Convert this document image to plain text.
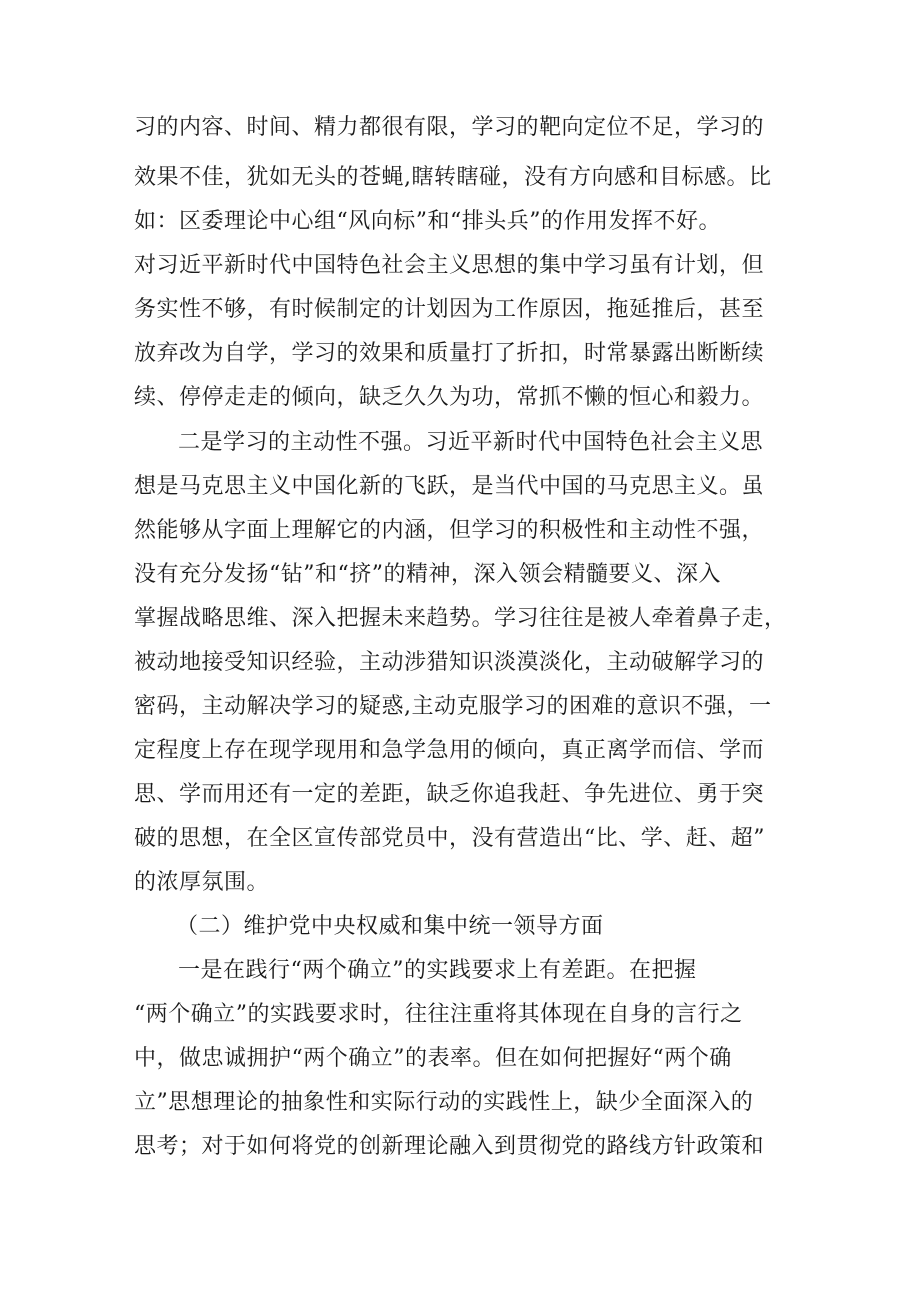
习的内容、时间、精力都很有限，学习的靶向定位不足，学习的
效果不佳，犹如无头的苍蝇,瞎转瞎碰，没有方向感和目标感。比
如：区委理论中心组“风向标”和“排头兵”的作用发挥不好。
对习近平新时代中国特色社会主义思想的集中学习虽有计划，但
务实性不够，有时候制定的计划因为工作原因，拖延推后，甚至
放弃改为自学，学习的效果和质量打了折扣，时常暴露出断断续
续、停停走走的倾向，缺乏久久为功，常抓不懒的恒心和毅力。
二是学习的主动性不强。习近平新时代中国特色社会主义思
想是马克思主义中国化新的飞跃，是当代中国的马克思主义。虽
然能够从字面上理解它的内涵，但学习的积极性和主动性不强，
没有充分发扬“钻”和“挤”的精神，深入领会精髓要义、深入
掌握战略思维、深入把握未来趋势。学习往往是被人牵着鼻子走，
被动地接受知识经验，主动涉猎知识淡漠淡化，主动破解学习的
密码，主动解决学习的疑惑,主动克服学习的困难的意识不强，一
定程度上存在现学现用和急学急用的倾向，真正离学而信、学而
思、学而用还有一定的差距，缺乏你追我赶、争先进位、勇于突
破的思想，在全区宣传部党员中，没有营造出“比、学、赶、超”
的浓厚氛围。
（二）维护党中央权威和集中统一领导方面
一是在践行“两个确立”的实践要求上有差距。在把握
“两个确立”的实践要求时，往往注重将其体现在自身的言行之
中，做忠诚拥护“两个确立”的表率。但在如何把握好“两个确
立”思想理论的抽象性和实际行动的实践性上，缺少全面深入的
思考；对于如何将党的创新理论融入到贯彻党的路线方针政策和
